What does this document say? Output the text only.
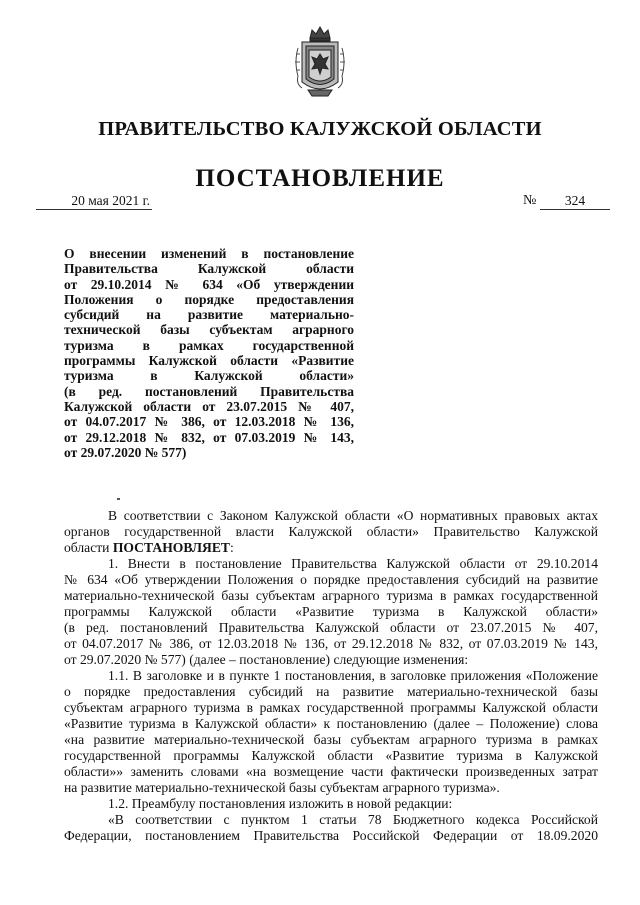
ПРАВИТЕЛЬСТВО КАЛУЖСКОЙ ОБЛАСТИ
ПОСТАНОВЛЕНИЕ
20 мая 2021 г.	№	324
О внесении изменений в постановление
Правительства Калужской области
от 29.10.2014 № 634 «Об утверждении
Положения о порядке предоставления
субсидий на развитие материально-
технической базы субъектам аграрного
туризма в рамках государственной
программы Калужской области «Развитие
туризма в Калужской области»
(в ред. постановлений Правительства
Калужской области от 23.07.2015 № 407,
от 04.07.2017 № 386, от 12.03.2018 № 136,
от 29.12.2018 № 832, от 07.03.2019 № 143,
от 29.07.2020 № 577)
В соответствии с Законом Калужской области «О нормативных правовых актах
органов государственной власти Калужской области» Правительство Калужской
области ПОСТАНОВЛЯЕТ:
1. Внести в постановление Правительства Калужской области от 29.10.2014
№ 634 «Об утверждении Положения о порядке предоставления субсидий на развитие
материально-технической базы субъектам аграрного туризма в рамках государственной
программы Калужской области «Развитие туризма в Калужской области»
(в ред. постановлений Правительства Калужской области от 23.07.2015 № 407,
от 04.07.2017 № 386, от 12.03.2018 № 136, от 29.12.2018 № 832, от 07.03.2019 № 143,
от 29.07.2020 № 577) (далее – постановление) следующие изменения:
1.1. В заголовке и в пункте 1 постановления, в заголовке приложения «Положение
о порядке предоставления субсидий на развитие материально-технической базы
субъектам аграрного туризма в рамках государственной программы Калужской области
«Развитие туризма в Калужской области» к постановлению (далее – Положение) слова
«на развитие материально-технической базы субъектам аграрного туризма в рамках
государственной программы Калужской области «Развитие туризма в Калужской
области»» заменить словами «на возмещение части фактически произведенных затрат
на развитие материально-технической базы субъектам аграрного туризма».
1.2. Преамбулу постановления изложить в новой редакции:
«В соответствии с пунктом 1 статьи 78 Бюджетного кодекса Российской
Федерации, постановлением Правительства Российской Федерации от 18.09.2020
